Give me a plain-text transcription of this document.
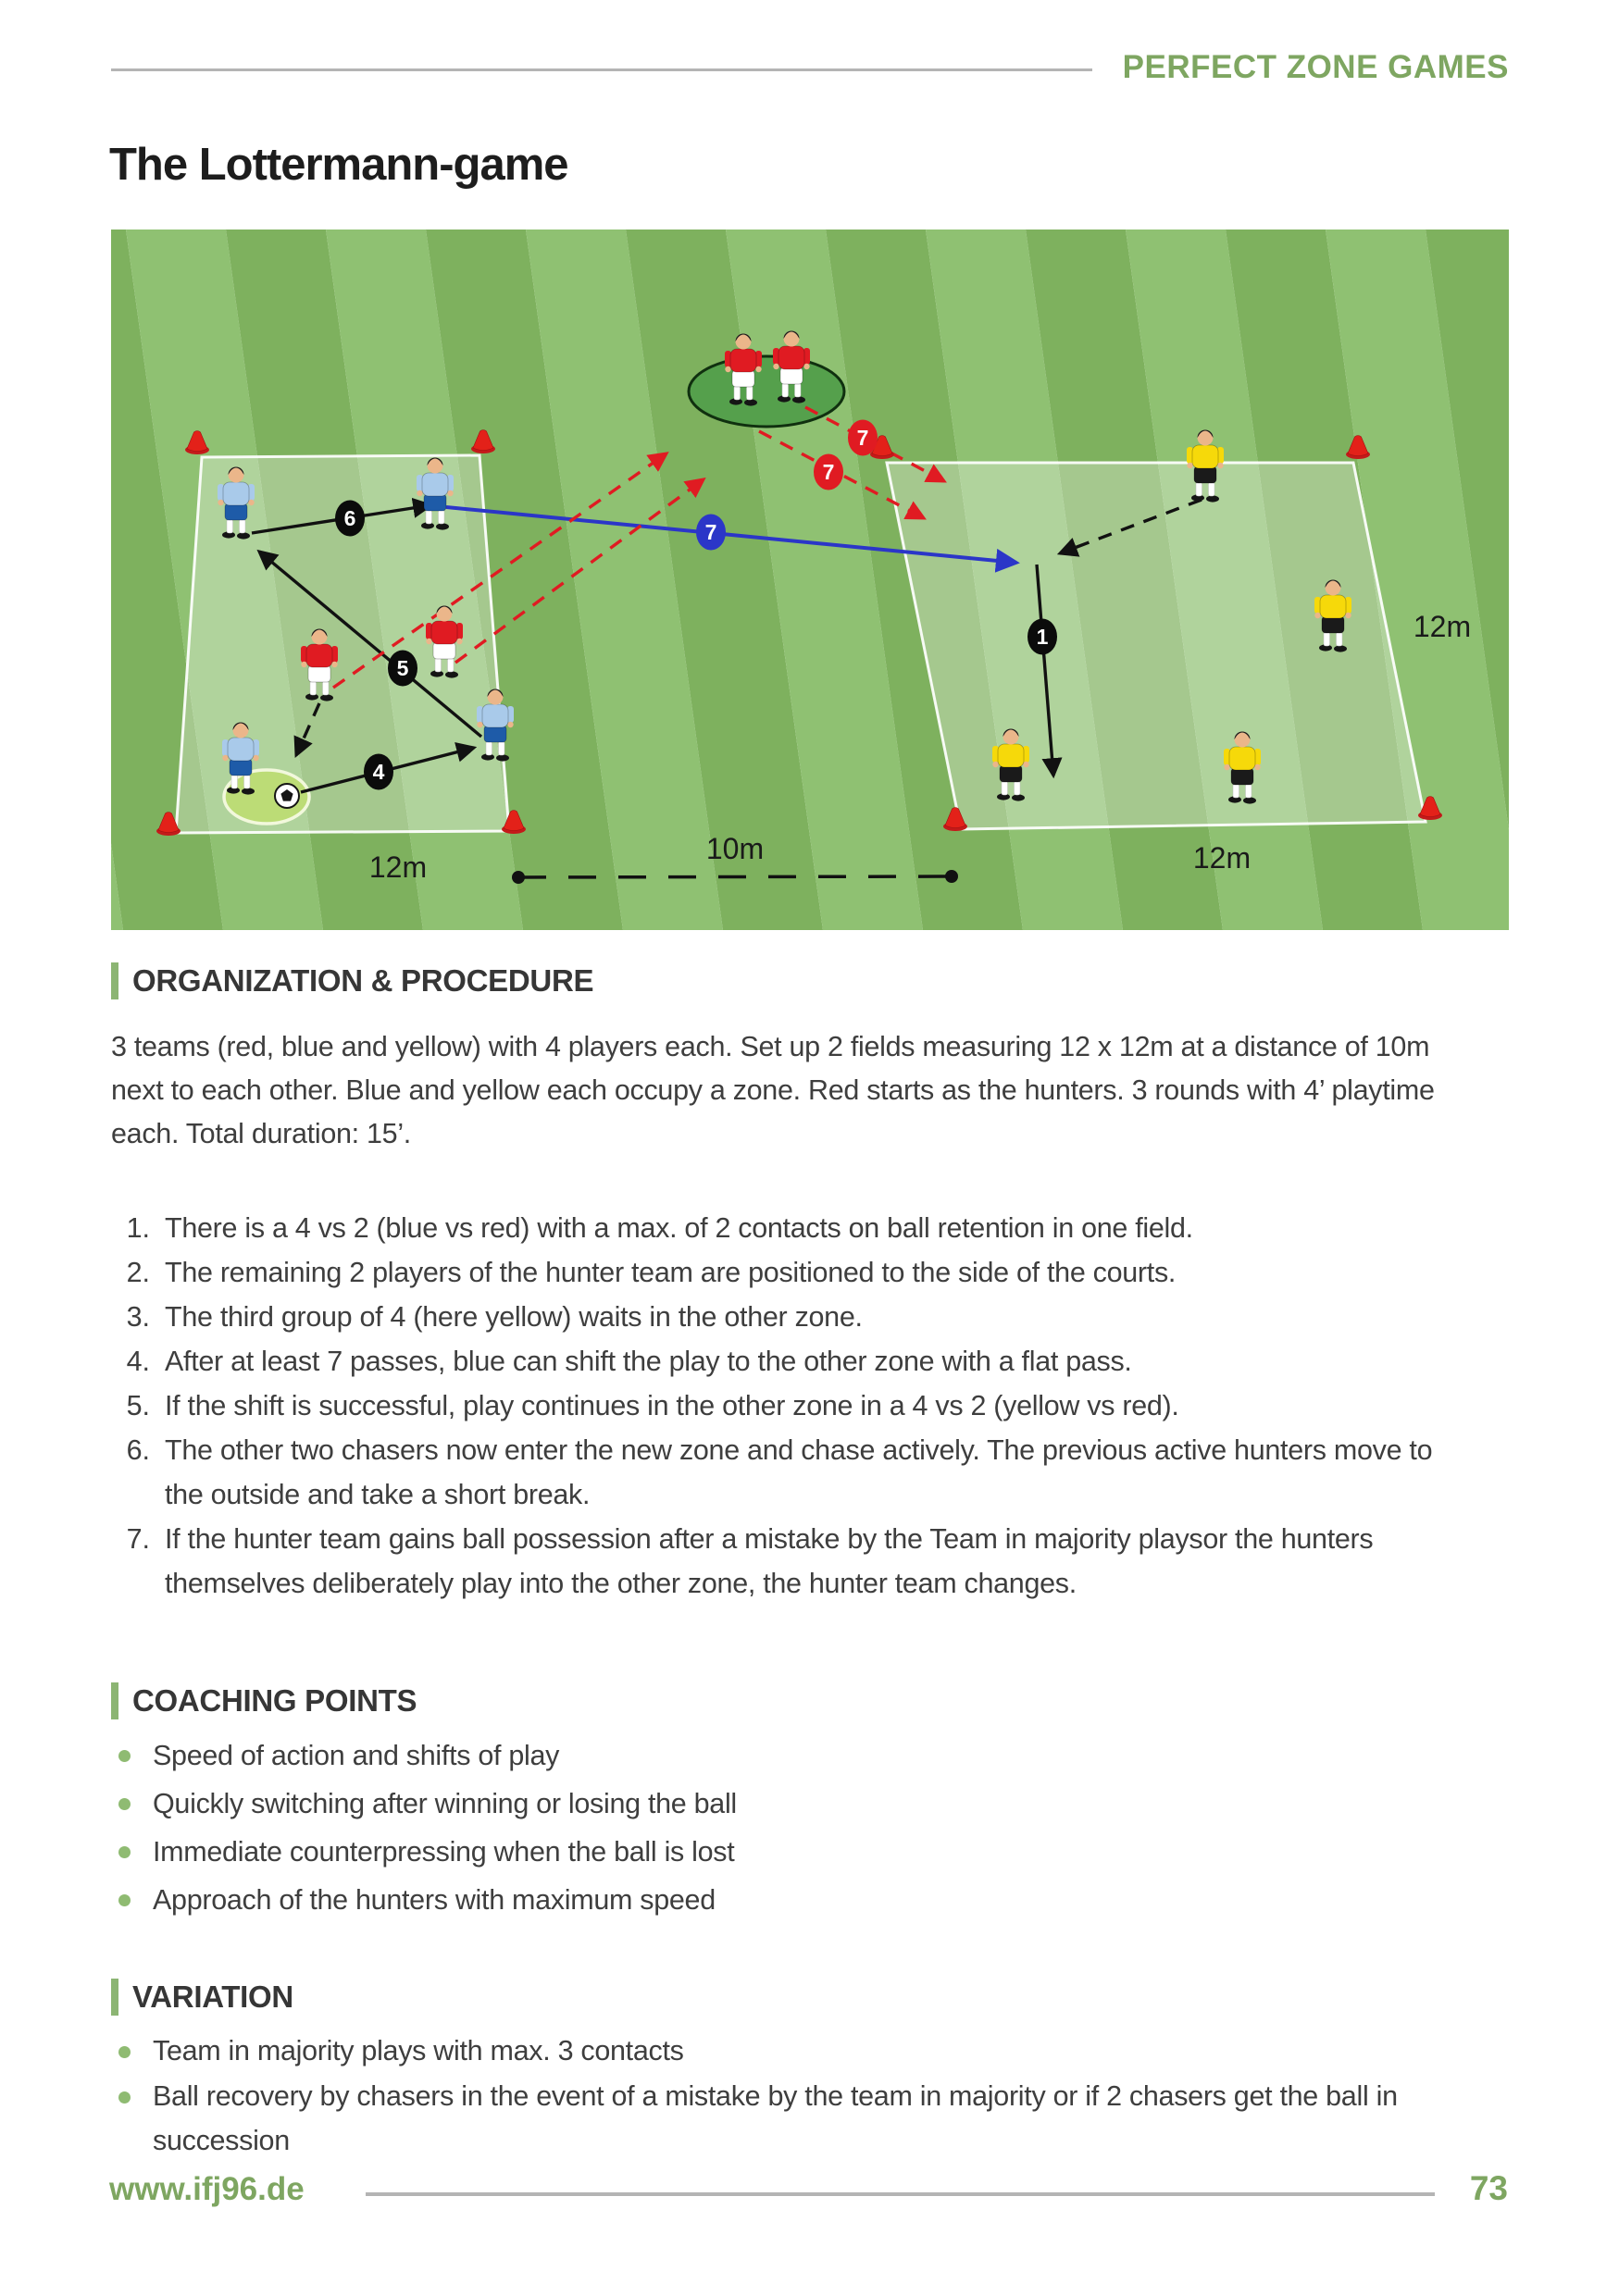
PERFECT ZONE GAMES
The Lottermann-game
4
5
6
1
7
7
7
12m
10m	12m
12m
ORGANIZATION & PROCEDURE

3 teams (red, blue and yellow) with 4 players each. Set up 2 fields measuring 12 x 12m at a distance of 10m next to each other. Blue and yellow each occupy a zone. Red starts as the hunters. 3 rounds with 4’ playtime each. Total duration: 15’.

1. There is a 4 vs 2 (blue vs red) with a max. of 2 contacts on ball retention in one field.
2. The remaining 2 players of the hunter team are positioned to the side of the courts.
3. The third group of 4 (here yellow) waits in the other zone.
4. After at least 7 passes, blue can shift the play to the other zone with a flat pass.
5. If the shift is successful, play continues in the other zone in a 4 vs 2 (yellow vs red).
6. The other two chasers now enter the new zone and chase actively. The previous active hunters move to the outside and take a short break.
7. If the hunter team gains ball possession after a mistake by the Team in majority playsor the hunters themselves deliberately play into the other zone, the hunter team changes.
COACHING POINTS
Speed of action and shifts of play
Quickly switching after winning or losing the ball
Immediate counterpressing when the ball is lost
Approach of the hunters with maximum speed
VARIATION
Team in majority plays with max. 3 contacts
Ball recovery by chasers in the event of a mistake by the team in majority or if 2 chasers get the ball in succession
www.ifj96.de	73
